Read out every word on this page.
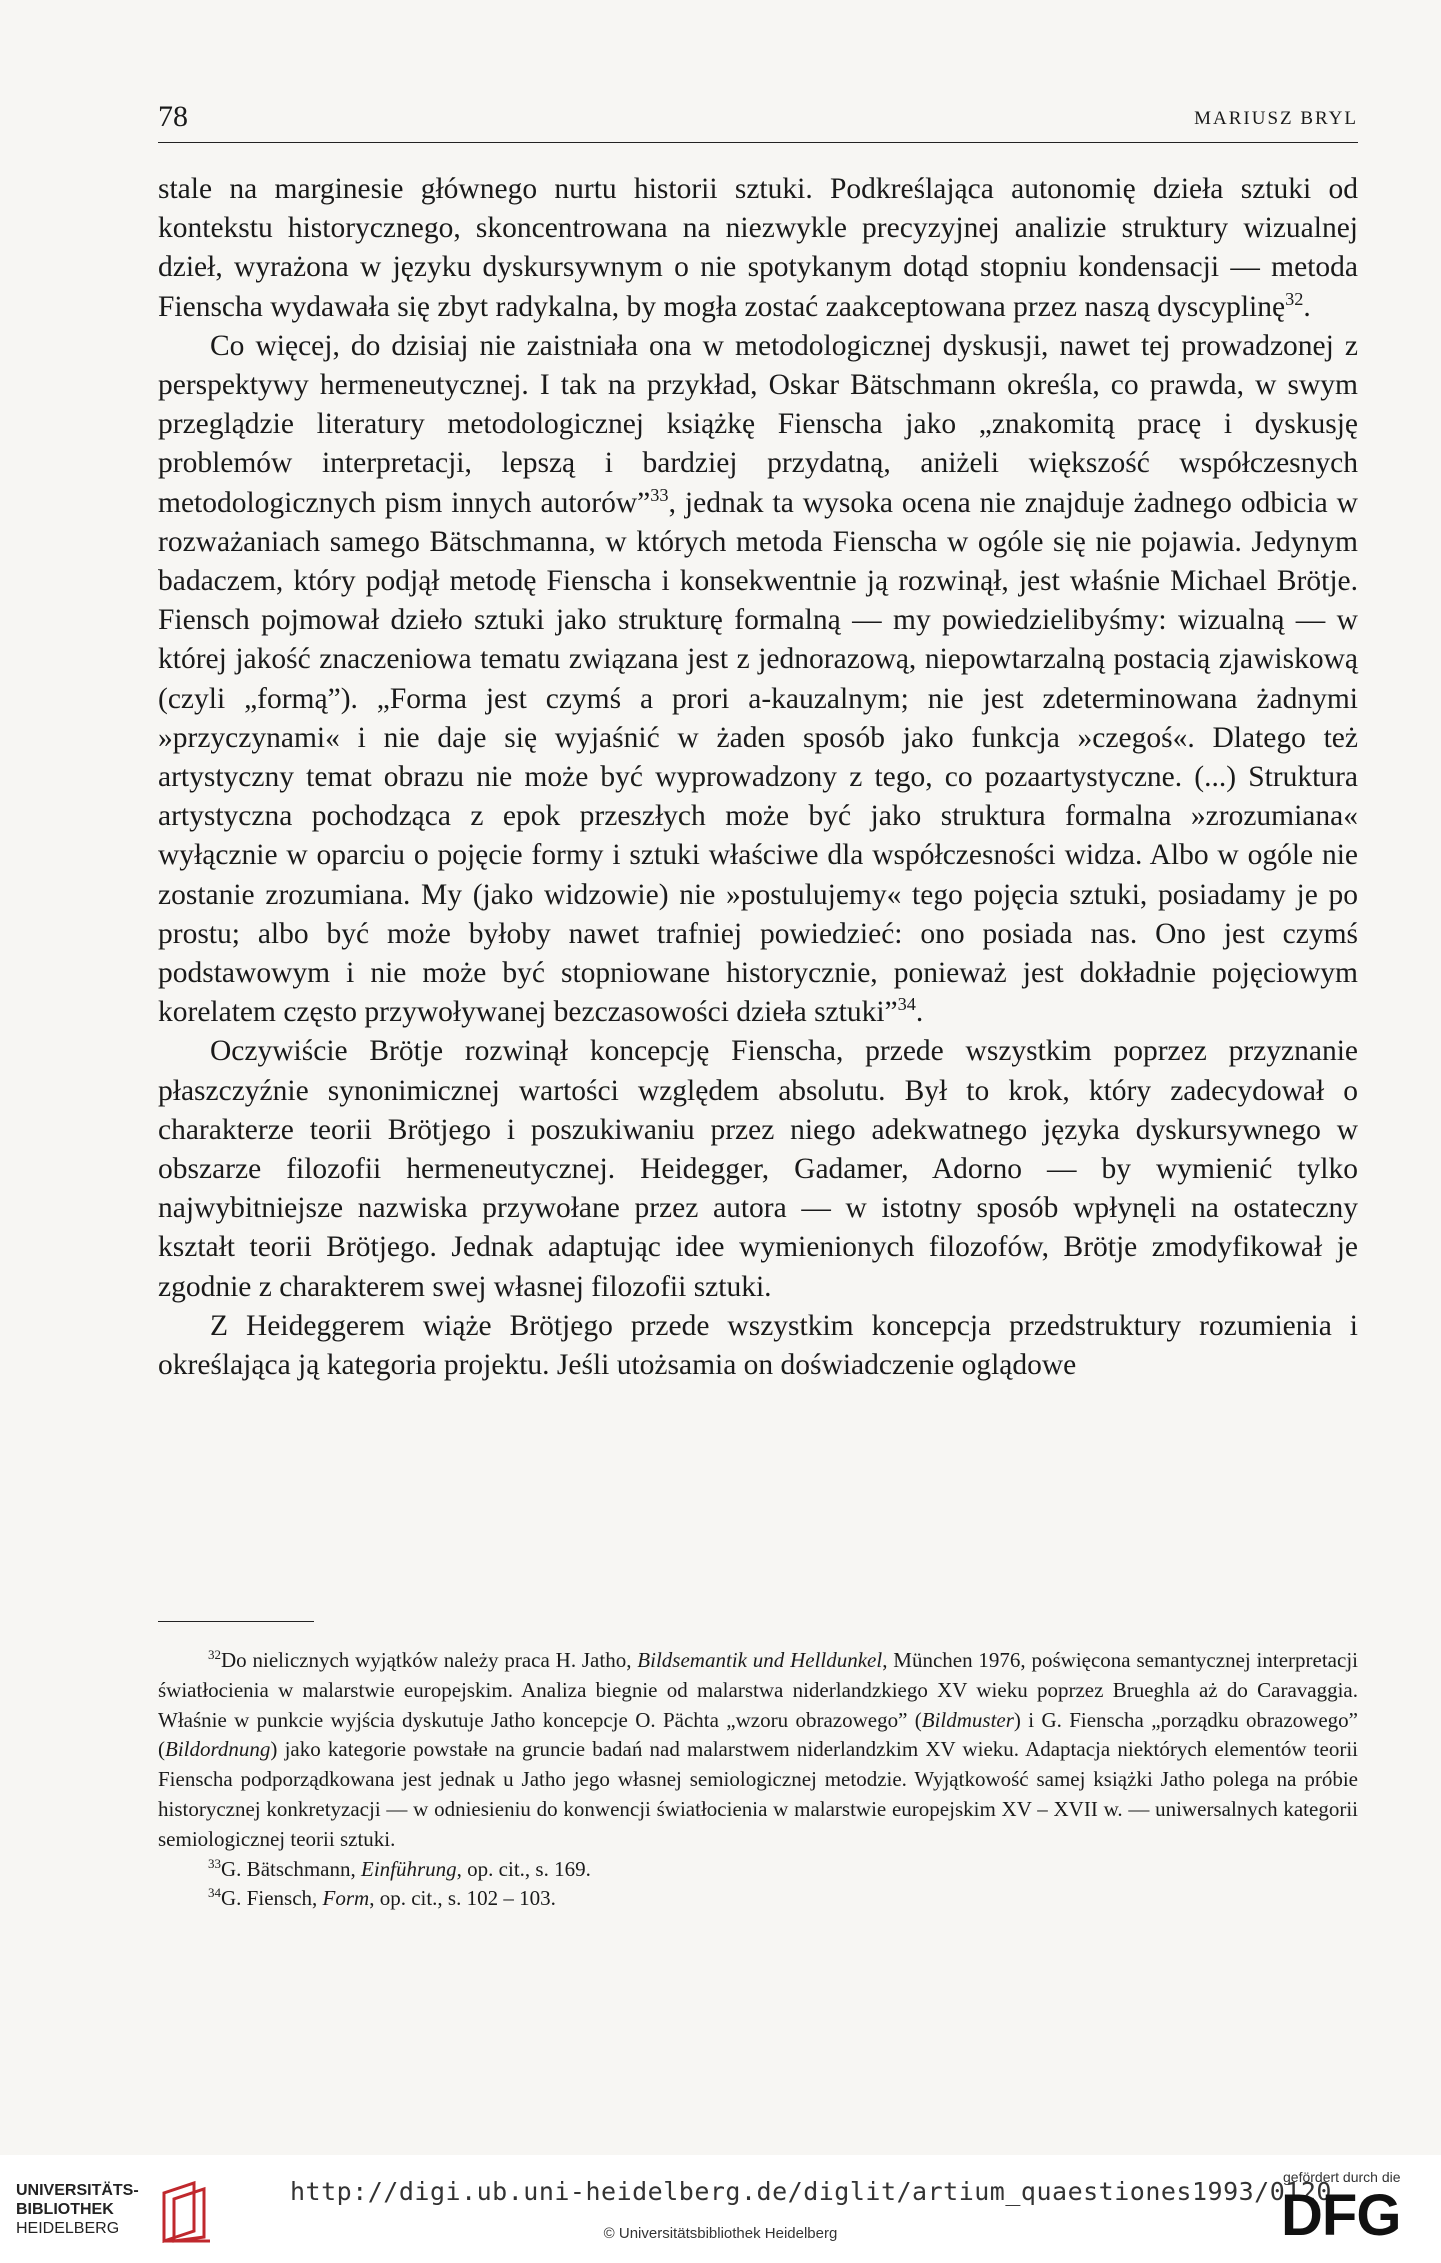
78	MARIUSZ BRYL

stale na marginesie głównego nurtu historii sztuki. Podkreślająca autonomię dzieła sztuki od kontekstu historycznego, skoncentrowana na niezwykle precyzyjnej analizie struktury wizualnej dzieł, wyrażona w języku dyskursywnym o nie spotykanym dotąd stopniu kondensacji — metoda Fienscha wydawała się zbyt radykalna, by mogła zostać zaakceptowana przez naszą dyscyplinę$^{32}$.

Co więcej, do dzisiaj nie zaistniała ona w metodologicznej dyskusji, nawet tej prowadzonej z perspektywy hermeneutycznej. I tak na przykład, Oskar Bätschmann określa, co prawda, w swym przeglądzie literatury metodologicznej książkę Fienscha jako „znakomitą pracę i dyskusję problemów interpretacji, lepszą i bardziej przydatną, aniżeli większość współczesnych metodologicznych pism innych autorów”$^{33}$, jednak ta wysoka ocena nie znajduje żadnego odbicia w rozważaniach samego Bätschmanna, w których metoda Fienscha w ogóle się nie pojawia. Jedynym badaczem, który podjął metodę Fienscha i konsekwentnie ją rozwinął, jest właśnie Michael Brötje. Fiensch pojmował dzieło sztuki jako strukturę formalną — my powiedzielibyśmy: wizualną — w której jakość znaczeniowa tematu związana jest z jednorazową, niepowtarzalną postacią zjawiskową (czyli „formą”). „Forma jest czymś a prori a-kauzalnym; nie jest zdeterminowana żadnymi »przyczynami« i nie daje się wyjaśnić w żaden sposób jako funkcja »czegoś«. Dlatego też artystyczny temat obrazu nie może być wyprowadzony z tego, co pozaartystyczne. (...) Struktura artystyczna pochodząca z epok przeszłych może być jako struktura formalna »zrozumiana« wyłącznie w oparciu o pojęcie formy i sztuki właściwe dla współczesności widza. Albo w ogóle nie zostanie zrozumiana. My (jako widzowie) nie »postulujemy« tego pojęcia sztuki, posiadamy je po prostu; albo być może byłoby nawet trafniej powiedzieć: ono posiada nas. Ono jest czymś podstawowym i nie może być stopniowane historycznie, ponieważ jest dokładnie pojęciowym korelatem często przywoływanej bezczasowości dzieła sztuki”$^{34}$.

Oczywiście Brötje rozwinął koncepcję Fienscha, przede wszystkim poprzez przyznanie płaszczyźnie synonimicznej wartości względem absolutu. Był to krok, który zadecydował o charakterze teorii Brötjego i poszukiwaniu przez niego adekwatnego języka dyskursywnego w obszarze filozofii hermeneutycznej. Heidegger, Gadamer, Adorno — by wymienić tylko najwybitniejsze nazwiska przywołane przez autora — w istotny sposób wpłynęli na ostateczny kształt teorii Brötjego. Jednak adaptując idee wymienionych filozofów, Brötje zmodyfikował je zgodnie z charakterem swej własnej filozofii sztuki.

Z Heideggerem wiąże Brötjego przede wszystkim koncepcja przedstruktury rozumienia i określająca ją kategoria projektu. Jeśli utożsamia on doświadczenie oglądowe

$^{32}$Do nielicznych wyjątków należy praca H. Jatho, Bildsemantik und Helldunkel, München 1976, poświęcona semantycznej interpretacji światłocienia w malarstwie europejskim. Analiza biegnie od malarstwa niderlandzkiego XV wieku poprzez Brueghla aż do Caravaggia. Właśnie w punkcie wyjścia dyskutuje Jatho koncepcje O. Pächta „wzoru obrazowego” (Bildmuster) i G. Fienscha „porządku obrazowego” (Bildordnung) jako kategorie powstałe na gruncie badań nad malarstwem niderlandzkim XV wieku. Adaptacja niektórych elementów teorii Fienscha podporządkowana jest jednak u Jatho jego własnej semiologicznej metodzie. Wyjątkowość samej książki Jatho polega na próbie historycznej konkretyzacji — w odniesieniu do konwencji światłocienia w malarstwie europejskim XV – XVII w. — uniwersalnych kategorii semiologicznej teorii sztuki.

$^{33}$G. Bätschmann, Einführung, op. cit., s. 169.

$^{34}$G. Fiensch, Form, op. cit., s. 102 – 103.

UNIVERSITÄTS-
BIBLIOTHEK
HEIDELBERG
http://digi.ub.uni-heidelberg.de/diglit/artium_quaestiones1993/0120
© Universitätsbibliothek Heidelberg
gefördert durch die
DFG
